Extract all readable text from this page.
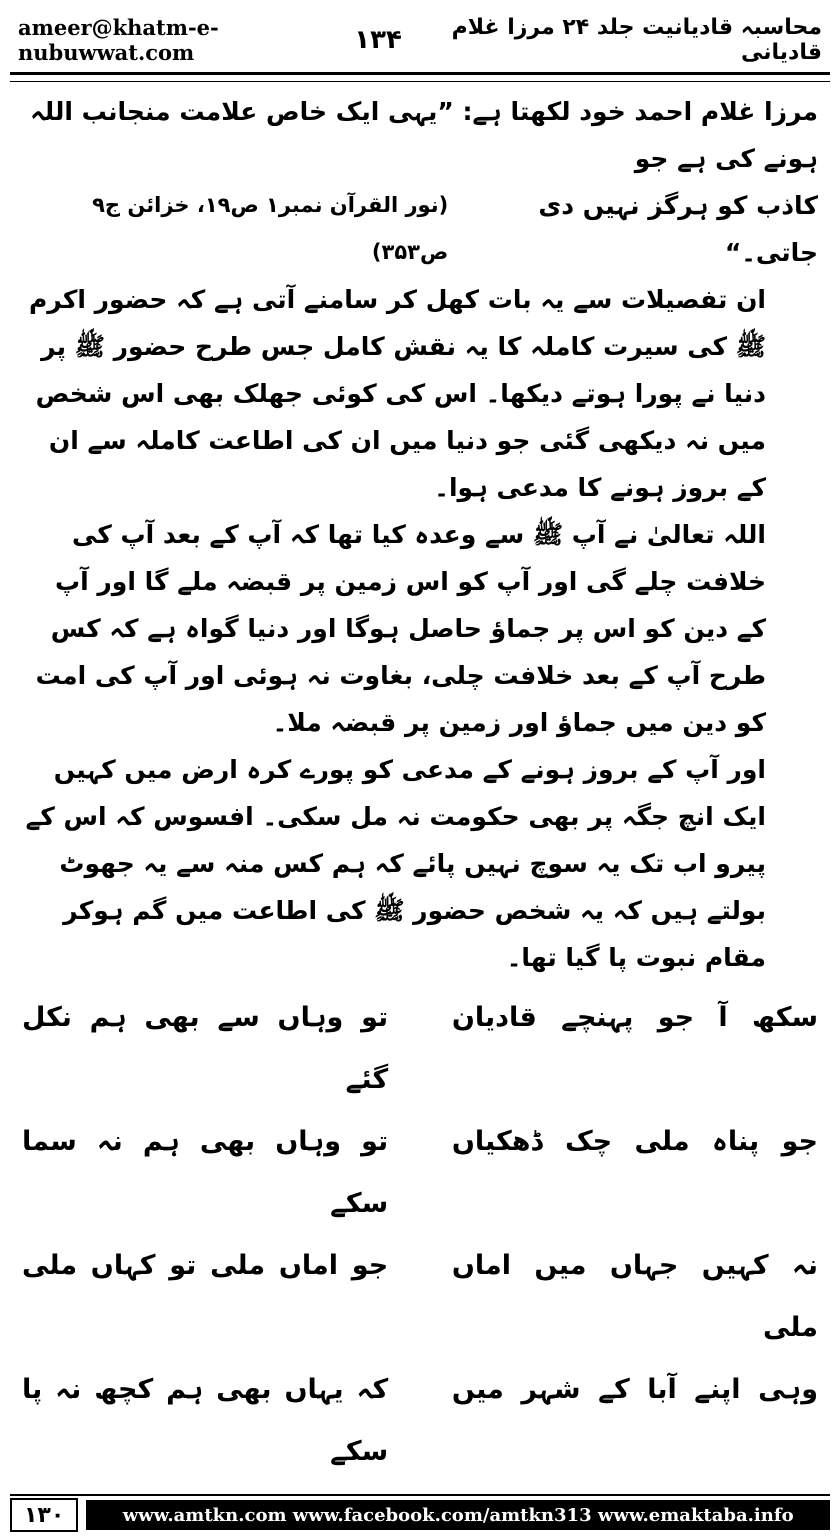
ameer@khatm-e-nubuwwat.com
محاسبہ قادیانیت جلد ۲۴ مرزا غلام قادیانی
۱۳۴

مرزا غلام احمد خود لکھتا ہے: ”یہی ایک خاص علامت منجانب اللہ ہونے کی ہے جو

کاذب کو ہرگز نہیں دی جاتی۔“
(نور القرآن نمبر۱ ص۱۹، خزائن ج۹ ص۳۵۳)

ان تفصیلات سے یہ بات کھل کر سامنے آتی ہے کہ حضور اکرم ﷺ کی سیرت کاملہ کا یہ نقش کامل جس طرح حضور ﷺ پر دنیا نے پورا ہوتے دیکھا۔ اس کی کوئی جھلک بھی اس شخص میں نہ دیکھی گئی جو دنیا میں ان کی اطاعت کاملہ سے ان کے بروز ہونے کا مدعی ہوا۔

اللہ تعالیٰ نے آپ ﷺ سے وعدہ کیا تھا کہ آپ کے بعد آپ کی خلافت چلے گی اور آپ کو اس زمین پر قبضہ ملے گا اور آپ کے دین کو اس پر جماؤ حاصل ہوگا اور دنیا گواہ ہے کہ کس طرح آپ کے بعد خلافت چلی، بغاوت نہ ہوئی اور آپ کی امت کو دین میں جماؤ اور زمین پر قبضہ ملا۔

اور آپ کے بروز ہونے کے مدعی کو پورے کرہ ارض میں کہیں ایک انچ جگہ پر بھی حکومت نہ مل سکی۔ افسوس کہ اس کے پیرو اب تک یہ سوچ نہیں پائے کہ ہم کس منہ سے یہ جھوٹ بولتے ہیں کہ یہ شخص حضور ﷺ کی اطاعت میں گم ہوکر مقام نبوت پا گیا تھا۔

سکھ آ جو پہنچے قادیان
تو وہاں سے بھی ہم نکل گئے
جو پناہ ملی چک ڈھکیاں
تو وہاں بھی ہم نہ سما سکے
نہ کہیں جہاں میں اماں ملی
جو اماں ملی تو کہاں ملی
وہی اپنے آبا کے شہر میں
کہ یہاں بھی ہم کچھ نہ پا سکے

۱۳۰	www.amtkn.com www.facebook.com/amtkn313 www.emaktaba.info
